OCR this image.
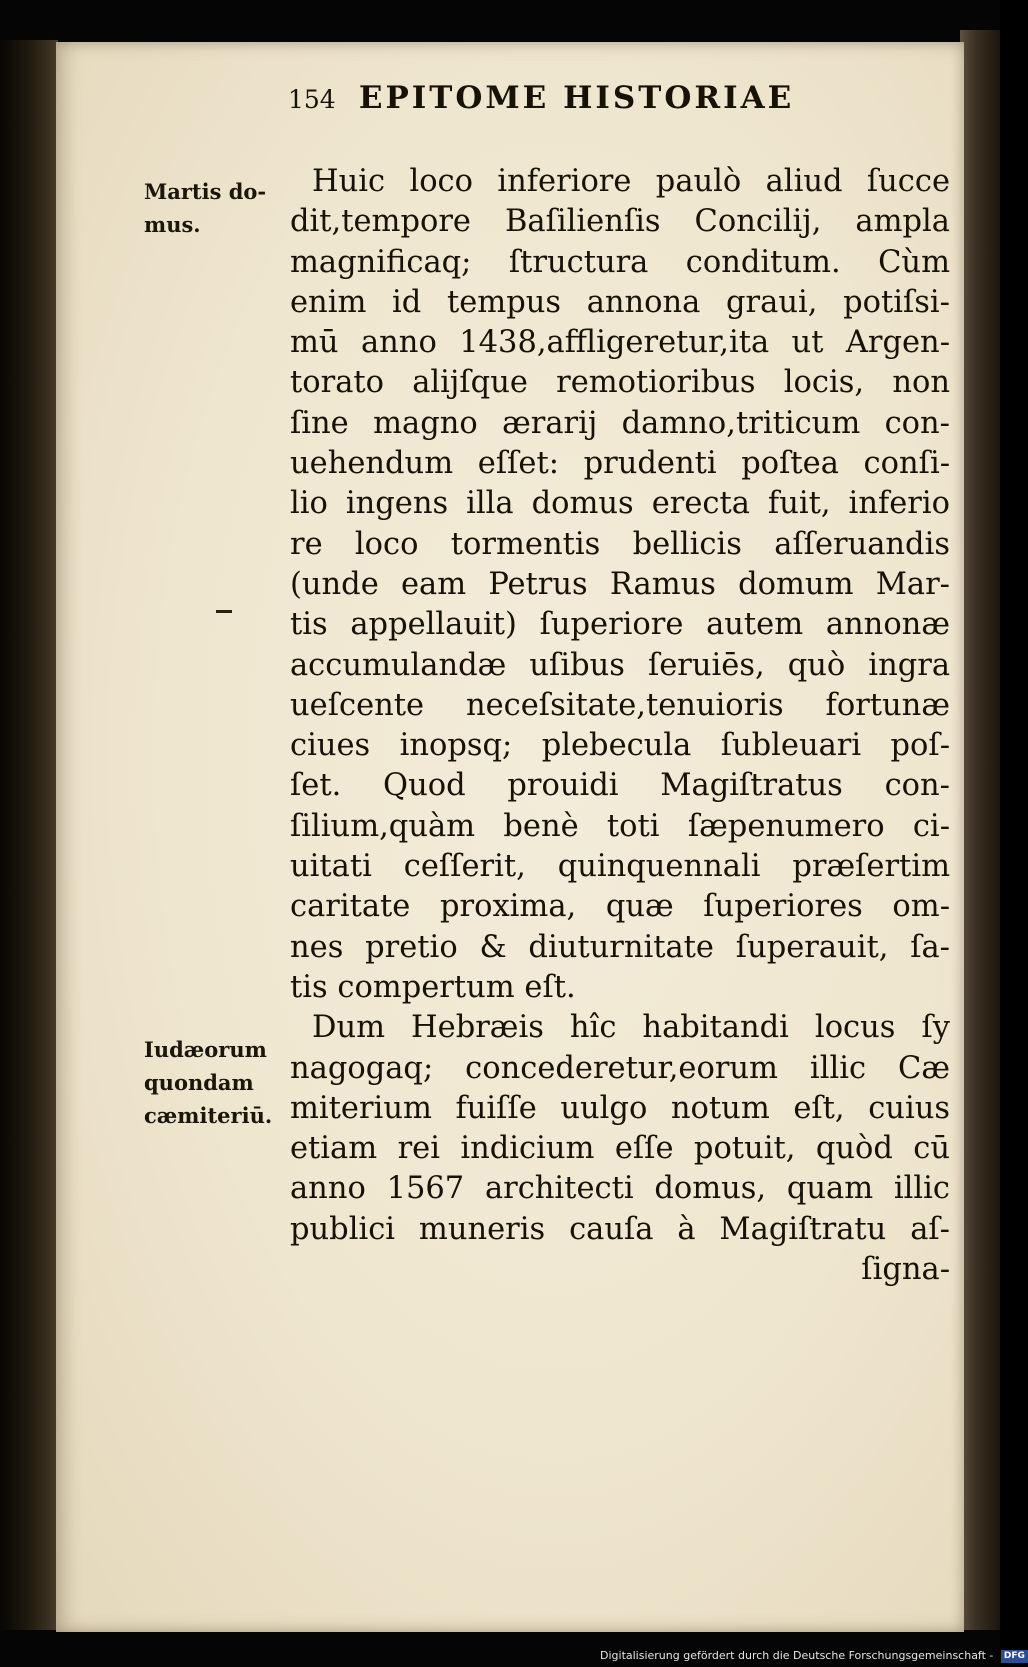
154 EPITOME HISTORIAE
Martis do-
mus.
Iudæorum
quondam
cæmiteriū.
Huic loco inferiore paulò aliud ſucce
dit,tempore Baſilienſis Concilij, ampla
magnificaq; ſtructura conditum. Cùm
enim id tempus annona graui, potiſsi-
mū anno 1438,affligeretur,ita ut Argen-
torato alijſque remotioribus locis, non
ſine magno ærarij damno,triticum con-
uehendum eſſet: prudenti poſtea conſi-
lio ingens illa domus erecta fuit, inferio
re loco tormentis bellicis aſſeruandis
(unde eam Petrus Ramus domum Mar-
tis appellauit) ſuperiore autem annonæ
accumulandæ uſibus ſeruiēs, quò ingra
ueſcente neceſsitate,tenuioris fortunæ
ciues inopsq; plebecula ſubleuari poſ-
ſet. Quod prouidi Magiſtratus con-
ſilium,quàm benè toti ſæpenumero ci-
uitati ceſſerit, quinquennali præſertim
caritate proxima, quæ ſuperiores om-
nes pretio & diuturnitate ſuperauit, ſa-
tis compertum eſt.
Dum Hebræis hîc habitandi locus ſy
nagogaq; concederetur,eorum illic Cæ
miterium fuiſſe uulgo notum eſt, cuius
etiam rei indicium eſſe potuit, quòd cū
anno 1567 architecti domus, quam illic
publici muneris cauſa à Magiſtratu aſ-
ſigna-
Digitalisierung gefördert durch die Deutsche Forschungsgemeinschaft - DFG
